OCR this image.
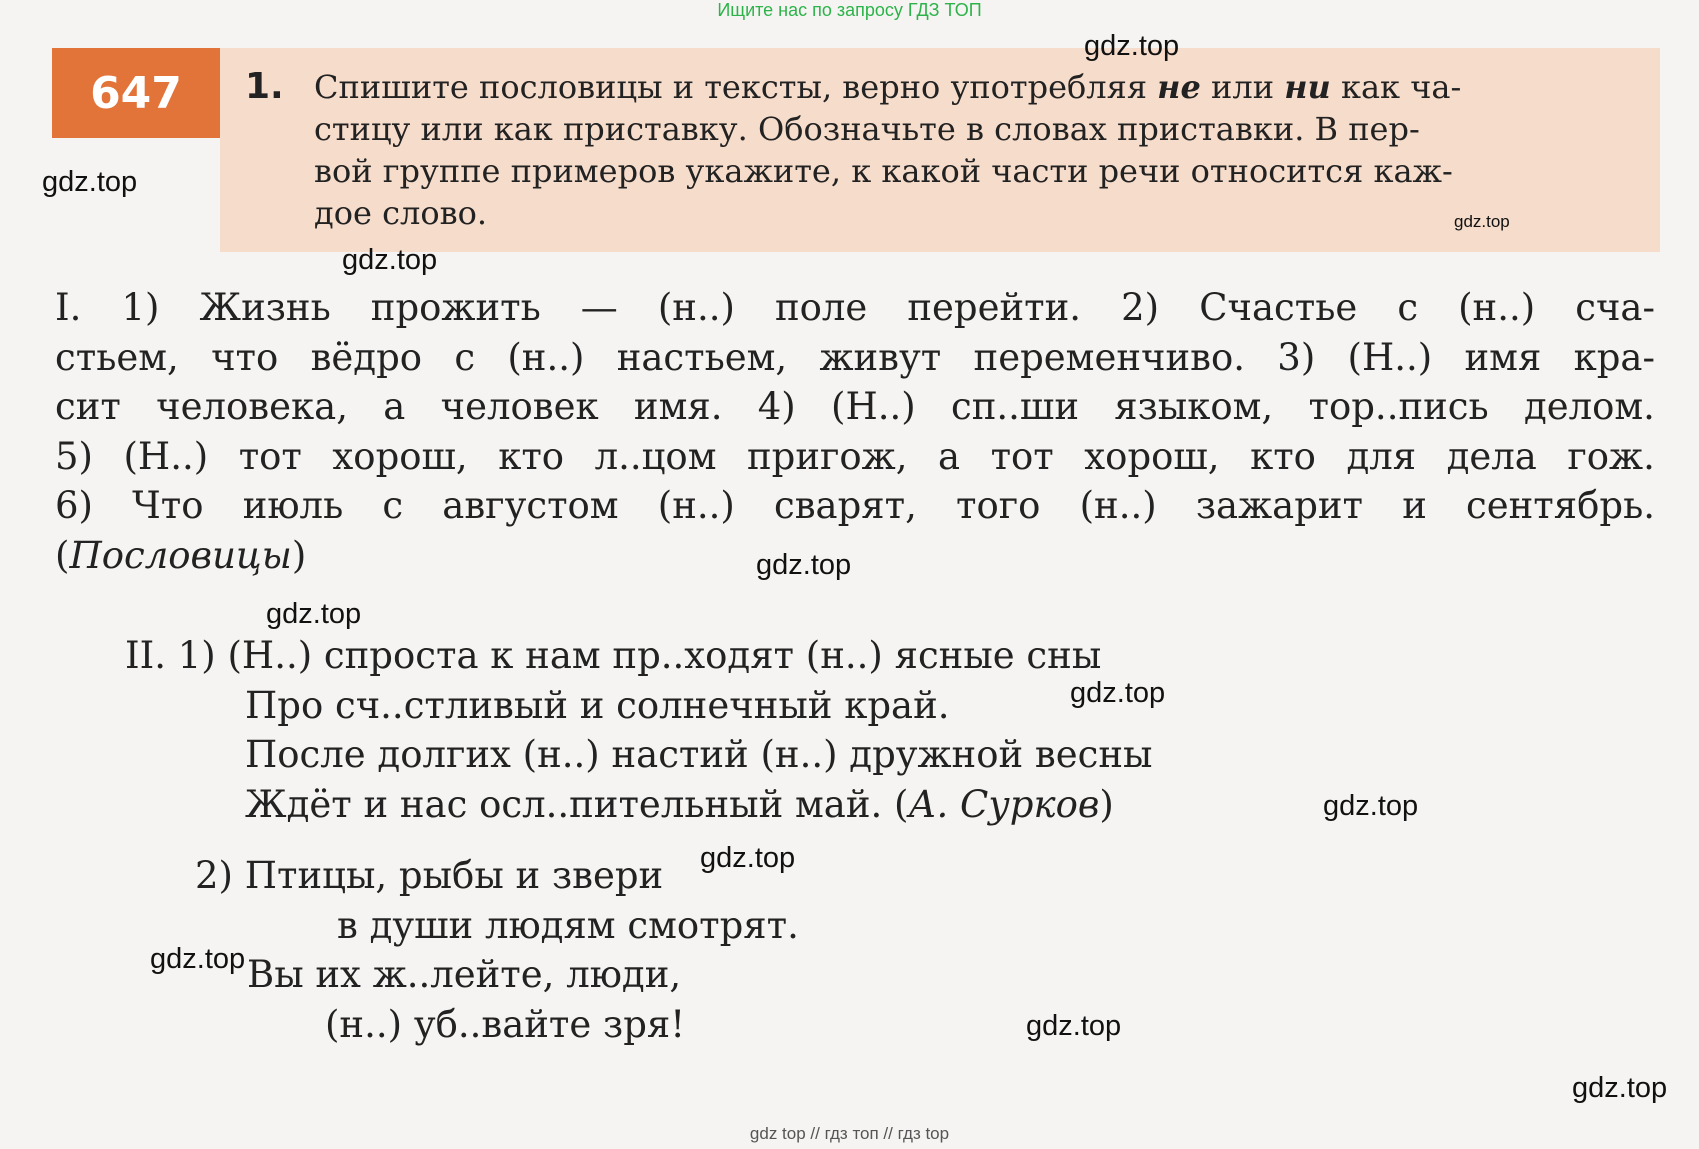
Ищите нас по запросу ГДЗ ТОП
647	1. Спишите пословицы и тексты, верно употребляя не или ни как ча-

стицу или как приставку. Обозначьте в словах приставки. В пер-

вой группе примеров укажите, к какой части речи относится каж-

дое слово.

I. 1) Жизнь прожить — (н..) поле перейти. 2) Счастье с (н..) сча-

стьем, что вёдро с (н..) настьем, живут переменчиво. 3) (Н..) имя кра-

сит человека, а человек имя. 4) (Н..) сп..ши языком, тор..пись делом.

5) (Н..) тот хорош, кто л..цом пригож, а тот хорош, кто для дела гож.

6) Что июль с августом (н..) сварят, того (н..) зажарит и сентябрь.

( Пословицы )

II. 1) (Н..) спроста к нам пр..ходят (н..) ясные сны

Про сч..стливый и солнечный край.

После долгих (н..) настий (н..) дружной весны

Ждёт и нас осл..пительный май. (А. Сурков)

2) Птицы, рыбы и звери

в души людям смотрят.

Вы их ж..лейте, люди,

(н..) уб..вайте зря!

gdz.top
gdz.top
gdz.top
gdz.top
gdz.top
gdz.top
gdz.top
gdz.top
gdz.top
gdz.top
gdz.top
gdz.top
gdz top // гдз топ // гдз top
